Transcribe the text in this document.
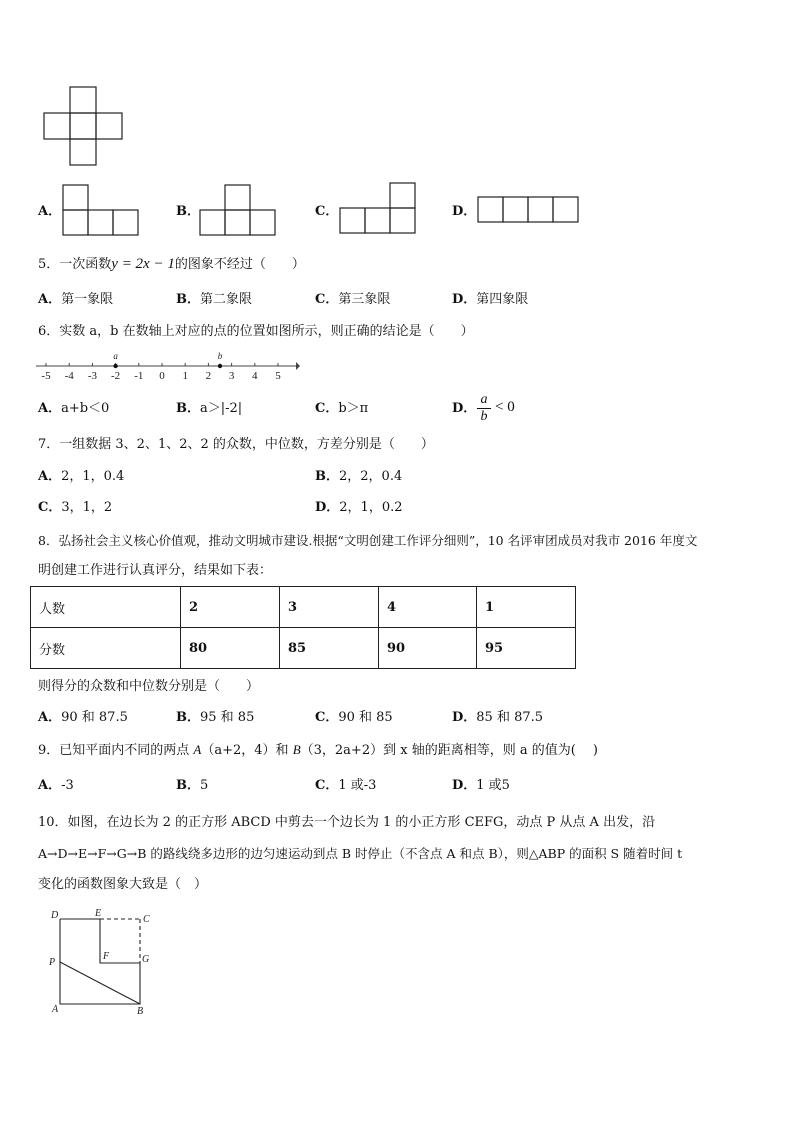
A．	B．	C．	D．
5．一次函数y = 2x − 1的图象不经过（　　）
A．第一象限	B．第二象限	C．第三象限	D．第四象限
6．实数 a，b 在数轴上对应的点的位置如图所示，则正确的结论是（　　）
-5 -4 -3 -2 -1 0 1 2 3 4 5
a	b
A．a+b＜0	B．a＞|-2|	C．b＞π	D．
a
b
< 0
7．一组数据 3、2、1、2、2 的众数，中位数，方差分别是（　　）
A．2，1，0.4	B．2，2，0.4
C．3，1，2	D．2，1，0.2
8．弘扬社会主义核心价值观，推动文明城市建设.根据“文明创建工作评分细则”，10 名评审团成员对我市 2016 年度文
明创建工作进行认真评分，结果如下表：
人数	2	3	4	1
分数	80	85	90	95
则得分的众数和中位数分别是（　　）
A．90 和 87.5	B．95 和 85	C．90 和 85	D．85 和 87.5
9．已知平面内不同的两点 A（a+2，4）和 B（3，2a+2）到 x 轴的距离相等，则 a 的值为(　 )
A．-3	B．5	C．1 或-3	D．1 或5
10．如图，在边长为 2 的正方形 ABCD 中剪去一个边长为 1 的小正方形 CEFG，动点 P 从点 A 出发，沿
A→D→E→F→G→B 的路线绕多边形的边匀速运动到点 B 时停止（不含点 A 和点 B），则△ABP 的面积 S 随着时间 t
变化的函数图象大致是（　）
D	E
C
P
F	G
A	B
